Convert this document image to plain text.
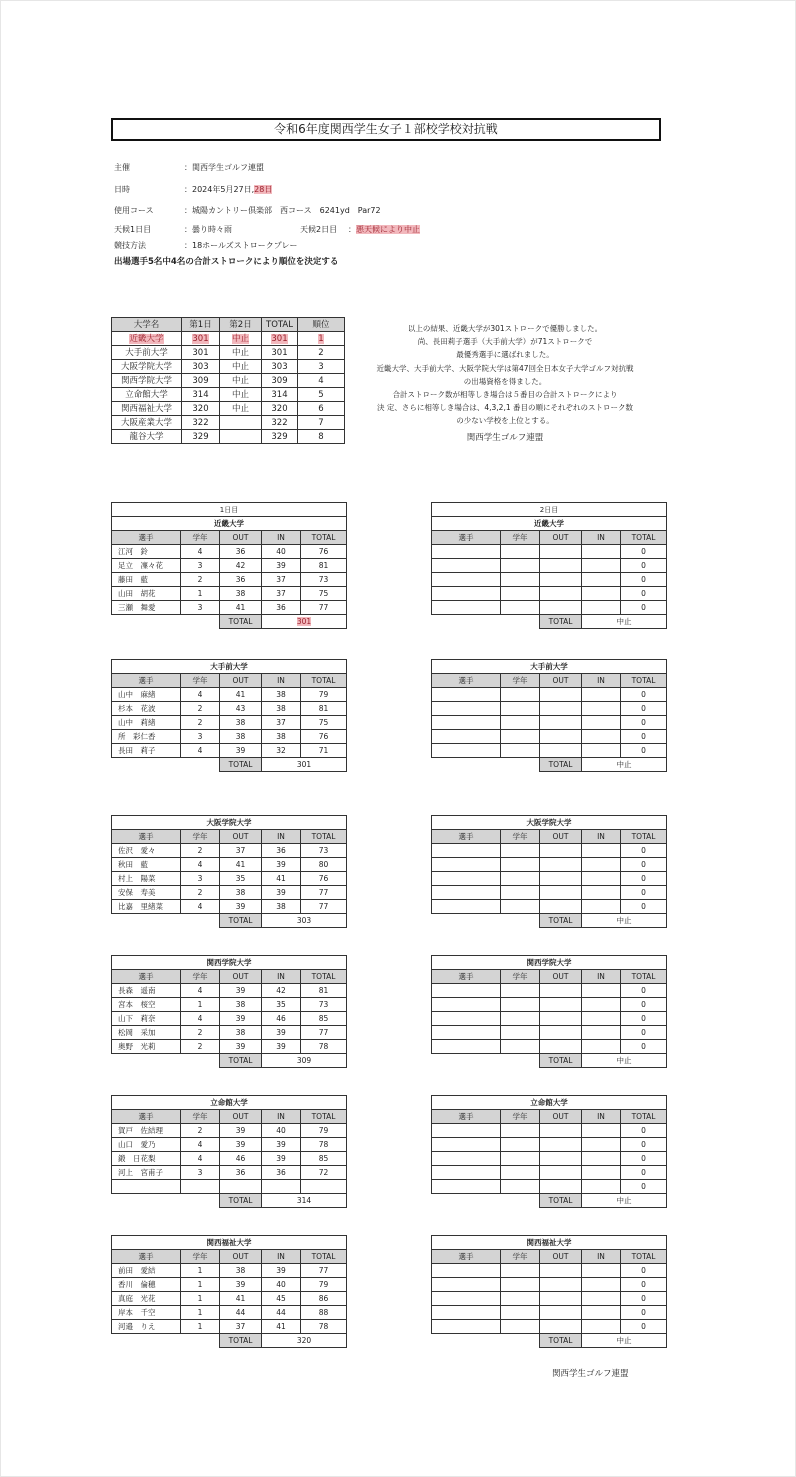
令和6年度関西学生女子１部校学校対抗戦
主催	：関西学生ゴルフ連盟
日時	：2024年5月27日,28日
使用コース	：城陽カントリー倶楽部　西コース　6241yd　Par72
天候1日目	：曇り時々雨	天候2日目 ：悪天候により中止
競技方法	：18ホールズストロークプレー
出場選手5名中4名の合計ストロークにより順位を決定する
大学名	第1日	第2日	TOTAL	順位
近畿大学	301	中止	301	1
大手前大学	301	中止	301	2
大阪学院大学	303	中止	303	3
関西学院大学	309	中止	309	4
立命館大学	314	中止	314	5
関西福祉大学	320	中止	320	6
大阪産業大学	322		322	7
龍谷大学	329		329	8
以上の結果、近畿大学が301ストロークで優勝しました。
尚、長田莉子選手（大手前大学）が71ストロークで
最優秀選手に選ばれました。
近畿大学、大手前大学、大阪学院大学は第47回全日本女子大学ゴルフ対抗戦
の出場資格を得ました。
合計ストローク数が相等しき場合は５番目の合計ストロークにより
決 定、さらに相等しき場合は、4,3,2,1 番目の順にそれぞれのストローク数
の少ない学校を上位とする。
関西学生ゴルフ連盟
1日目				
近畿大学				
選手	学年	OUT	IN	TOTAL
江河　鈴	4	36	40	76
足立　凜々花	3	42	39	81
藤田　藍	2	36	37	73
山田　胡花	1	38	37	75
三瀬　舞愛	3	41	36	77
		TOTAL	301	
2日目				
近畿大学				
選手	学年	OUT	IN	TOTAL
				0
				0
				0
				0
				0
		TOTAL	中止	
大手前大学				
選手	学年	OUT	IN	TOTAL
山中　麻緒	4	41	38	79
杉本　花波	2	43	38	81
山中　莉緒	2	38	37	75
所　彩仁香	3	38	38	76
長田　莉子	4	39	32	71
		TOTAL	301	
大手前大学				
選手	学年	OUT	IN	TOTAL
				0
				0
				0
				0
				0
		TOTAL	中止	
大阪学院大学				
選手	学年	OUT	IN	TOTAL
佐沢　愛々	2	37	36	73
秋田　藍	4	41	39	80
村上　陽菜	3	35	41	76
安保　寿美	2	38	39	77
比嘉　里緒菜	4	39	38	77
		TOTAL	303	
大阪学院大学				
選手	学年	OUT	IN	TOTAL
				0
				0
				0
				0
				0
		TOTAL	中止	
関西学院大学				
選手	学年	OUT	IN	TOTAL
長森　遥南	4	39	42	81
宮本　桜空	1	38	35	73
山下　莉奈	4	39	46	85
松岡　采加	2	38	39	77
奥野　光莉	2	39	39	78
		TOTAL	309	
関西学院大学				
選手	学年	OUT	IN	TOTAL
				0
				0
				0
				0
				0
		TOTAL	中止	
立命館大学				
選手	学年	OUT	IN	TOTAL
賀戸　佐結理	2	39	40	79
山口　愛乃	4	39	39	78
鍛　日花梨	4	46	39	85
河上　宮甫子	3	36	36	72

		TOTAL	314	
立命館大学				
選手	学年	OUT	IN	TOTAL
				0
				0
				0
				0
				0
		TOTAL	中止	
関西福祉大学				
選手	学年	OUT	IN	TOTAL
前田　愛結	1	38	39	77
香川　倫穂	1	39	40	79
真庭　光花	1	41	45	86
岸本　千空	1	44	44	88
河邉　りえ	1	37	41	78
		TOTAL	320	
関西福祉大学				
選手	学年	OUT	IN	TOTAL
				0
				0
				0
				0
				0
		TOTAL	中止	
関西学生ゴルフ連盟
